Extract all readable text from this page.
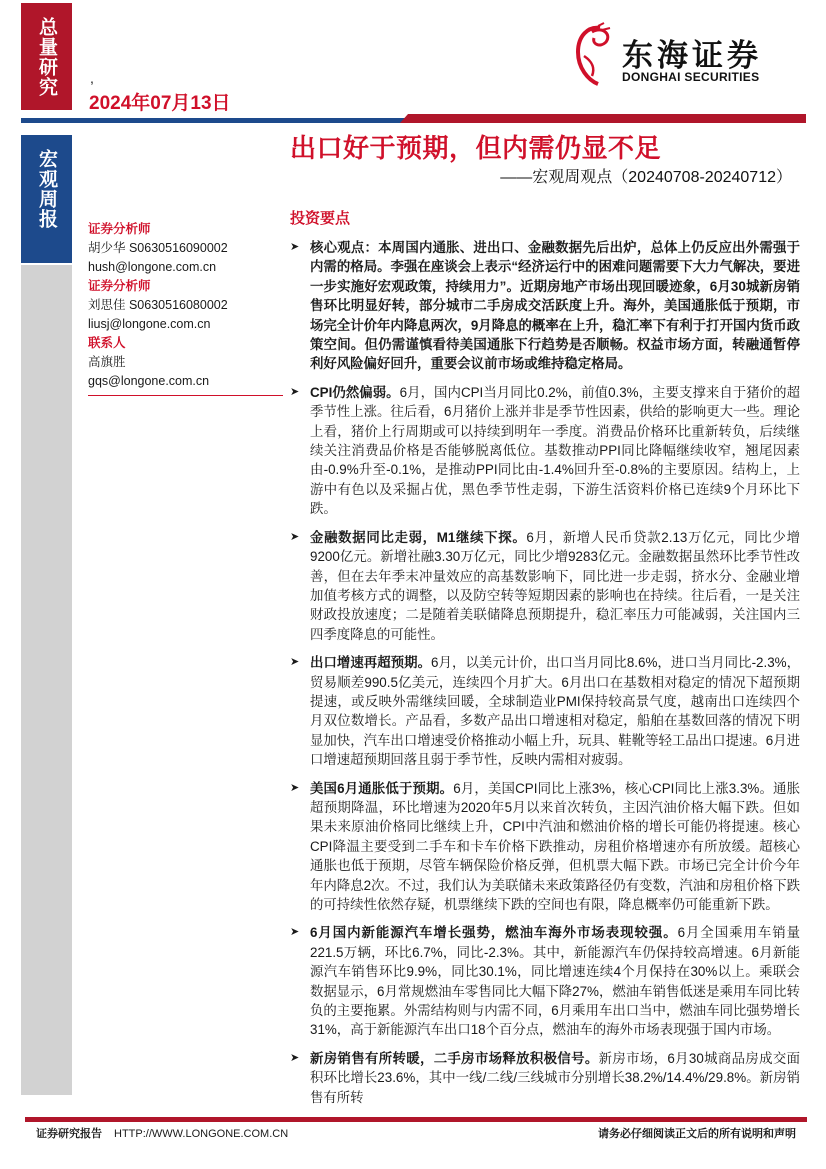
总量研究	,
2024年07月13日
东海证券
DONGHAI SECURITIES
宏观周报
出口好于预期，但内需仍显不足
——宏观周观点（20240708-20240712）
证券分析师
胡少华 S0630516090002
hush@longone.com.cn
证券分析师
刘思佳 S0630516080002
liusj@longone.com.cn
联系人
高旗胜
gqs@longone.com.cn
投资要点
➤ 核心观点：本周国内通胀、进出口、金融数据先后出炉，总体上仍反应出外需强于内需的格局。李强在座谈会上表示“经济运行中的困难问题需要下大力气解决，要进一步实施好宏观政策，持续用力”。近期房地产市场出现回暖迹象，6月30城新房销售环比明显好转，部分城市二手房成交活跃度上升。海外，美国通胀低于预期，市场完全计价年内降息两次，9月降息的概率在上升，稳汇率下有利于打开国内货币政策空间。但仍需谨慎看待美国通胀下行趋势是否顺畅。权益市场方面，转融通暂停利好风险偏好回升，重要会议前市场或维持稳定格局。
➤ CPI仍然偏弱。6月，国内CPI当月同比0.2%，前值0.3%，主要支撑来自于猪价的超季节性上涨。往后看，6月猪价上涨并非是季节性因素，供给的影响更大一些。理论上看，猪价上行周期或可以持续到明年一季度。消费品价格环比重新转负，后续继续关注消费品价格是否能够脱离低位。基数推动PPI同比降幅继续收窄，翘尾因素由-0.9%升至-0.1%，是推动PPI同比由-1.4%回升至-0.8%的主要原因。结构上，上游中有色以及采掘占优，黑色季节性走弱，下游生活资料价格已连续9个月环比下跌。
➤ 金融数据同比走弱，M1继续下探。6月，新增人民币贷款2.13万亿元，同比少增9200亿元。新增社融3.30万亿元，同比少增9283亿元。金融数据虽然环比季节性改善，但在去年季末冲量效应的高基数影响下，同比进一步走弱，挤水分、金融业增加值考核方式的调整，以及防空转等短期因素的影响也在持续。往后看，一是关注财政投放速度；二是随着美联储降息预期提升，稳汇率压力可能减弱，关注国内三四季度降息的可能性。
➤ 出口增速再超预期。6月，以美元计价，出口当月同比8.6%，进口当月同比-2.3%，贸易顺差990.5亿美元，连续四个月扩大。6月出口在基数相对稳定的情况下超预期提速，或反映外需继续回暖，全球制造业PMI保持较高景气度，越南出口连续四个月双位数增长。产品看，多数产品出口增速相对稳定，船舶在基数回落的情况下明显加快，汽车出口增速受价格推动小幅上升，玩具、鞋靴等轻工品出口提速。6月进口增速超预期回落且弱于季节性，反映内需相对疲弱。
➤ 美国6月通胀低于预期。6月，美国CPI同比上涨3%，核心CPI同比上涨3.3%。通胀超预期降温，环比增速为2020年5月以来首次转负，主因汽油价格大幅下跌。但如果未来原油价格同比继续上升，CPI中汽油和燃油价格的增长可能仍将提速。核心CPI降温主要受到二手车和卡车价格下跌推动，房租价格增速亦有所放缓。超核心通胀也低于预期，尽管车辆保险价格反弹，但机票大幅下跌。市场已完全计价今年年内降息2次。不过，我们认为美联储未来政策路径仍有变数，汽油和房租价格下跌的可持续性依然存疑，机票继续下跌的空间也有限，降息概率仍可能重新下跌。
➤ 6月国内新能源汽车增长强势，燃油车海外市场表现较强。6月全国乘用车销量221.5万辆，环比6.7%，同比-2.3%。其中，新能源汽车仍保持较高增速。6月新能源汽车销售环比9.9%，同比30.1%，同比增速连续4个月保持在30%以上。乘联会数据显示，6月常规燃油车零售同比大幅下降27%，燃油车销售低迷是乘用车同比转负的主要拖累。外需结构则与内需不同，6月乘用车出口当中，燃油车同比强势增长31%，高于新能源汽车出口18个百分点，燃油车的海外市场表现强于国内市场。
➤ 新房销售有所转暖，二手房市场释放积极信号。新房市场，6月30城商品房成交面积环比增长23.6%，其中一线/二线/三线城市分别增长38.2%/14.4%/29.8%。新房销售有所转
证券研究报告 HTTP://WWW.LONGONE.COM.CN	请务必仔细阅读正文后的所有说明和声明
